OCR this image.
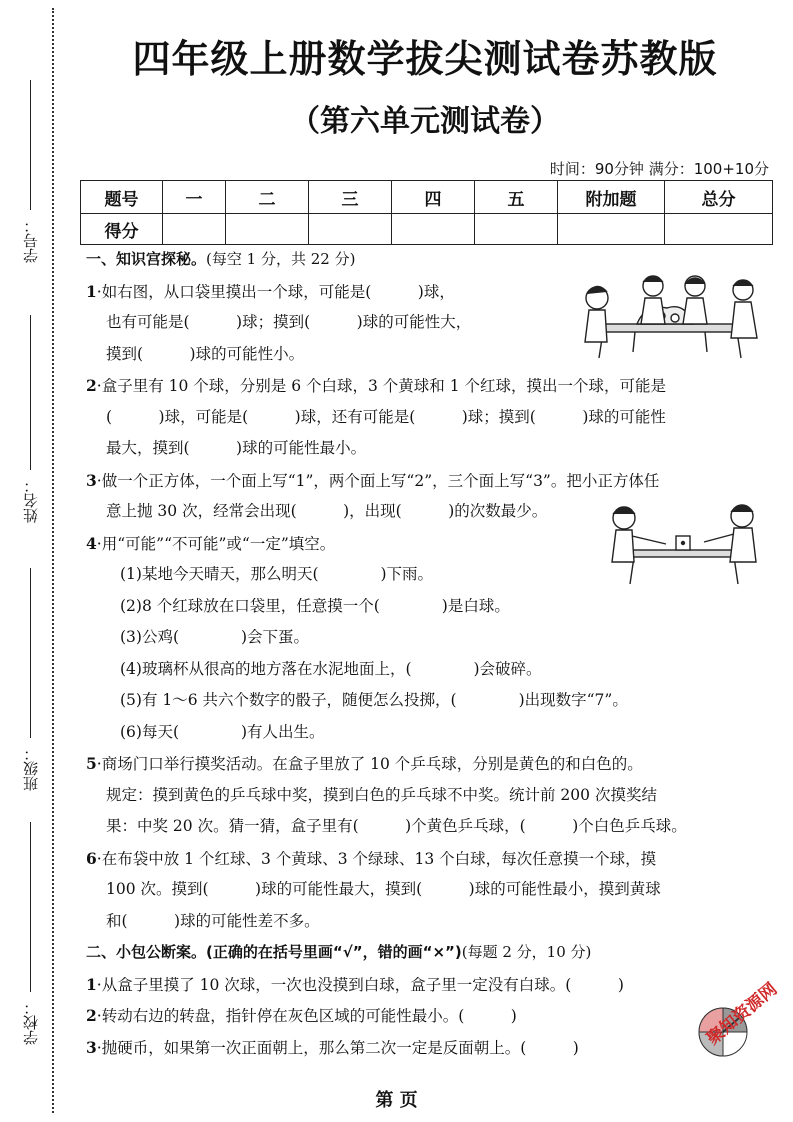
学号：
姓名：
班级：
学校：
四年级上册数学拔尖测试卷苏教版
（第六单元测试卷）
时间：90分钟 满分：100+10分
题号	一	二	三	四	五	附加题	总分
得分							
一、知识宫探秘。(每空 1 分，共 22 分)
1·如右图，从口袋里摸出一个球，可能是(　　　)球，
也有可能是(　　　)球；摸到(　　　)球的可能性大，
摸到(　　　)球的可能性小。
2·盒子里有 10 个球，分别是 6 个白球，3 个黄球和 1 个红球，摸出一个球，可能是
(　　　)球，可能是(　　　)球，还有可能是(　　　)球；摸到(　　　)球的可能性
最大，摸到(　　　)球的可能性最小。
3·做一个正方体，一个面上写“1”，两个面上写“2”，三个面上写“3”。把小正方体任
意上抛 30 次，经常会出现(　　　)，出现(　　　)的次数最少。
4·用“可能”“不可能”或“一定”填空。
(1)某地今天晴天，那么明天(　　　　)下雨。
(2)8 个红球放在口袋里，任意摸一个(　　　　)是白球。
(3)公鸡(　　　　)会下蛋。
(4)玻璃杯从很高的地方落在水泥地面上，(　　　　)会破碎。
(5)有 1～6 共六个数字的骰子，随便怎么投掷，(　　　　)出现数字“7”。
(6)每天(　　　　)有人出生。
5·商场门口举行摸奖活动。在盒子里放了 10 个乒乓球，分别是黄色的和白色的。
规定：摸到黄色的乒乓球中奖，摸到白色的乒乓球不中奖。统计前 200 次摸奖结
果：中奖 20 次。猜一猜，盒子里有(　　　)个黄色乒乓球，(　　　)个白色乒乓球。
6·在布袋中放 1 个红球、3 个黄球、3 个绿球、13 个白球，每次任意摸一个球，摸
100 次。摸到(　　　)球的可能性最大，摸到(　　　)球的可能性最小，摸到黄球
和(　　　)球的可能性差不多。
二、小包公断案。(正确的在括号里画“√”，错的画“×”)(每题 2 分，10 分)
1·从盒子里摸了 10 次球，一次也没摸到白球，盒子里一定没有白球。(　　　)
2·转动右边的转盘，指针停在灰色区域的可能性最小。(　　　)
3·抛硬币，如果第一次正面朝上，那么第二次一定是反面朝上。(　　　)	聚知资源网
第 页
